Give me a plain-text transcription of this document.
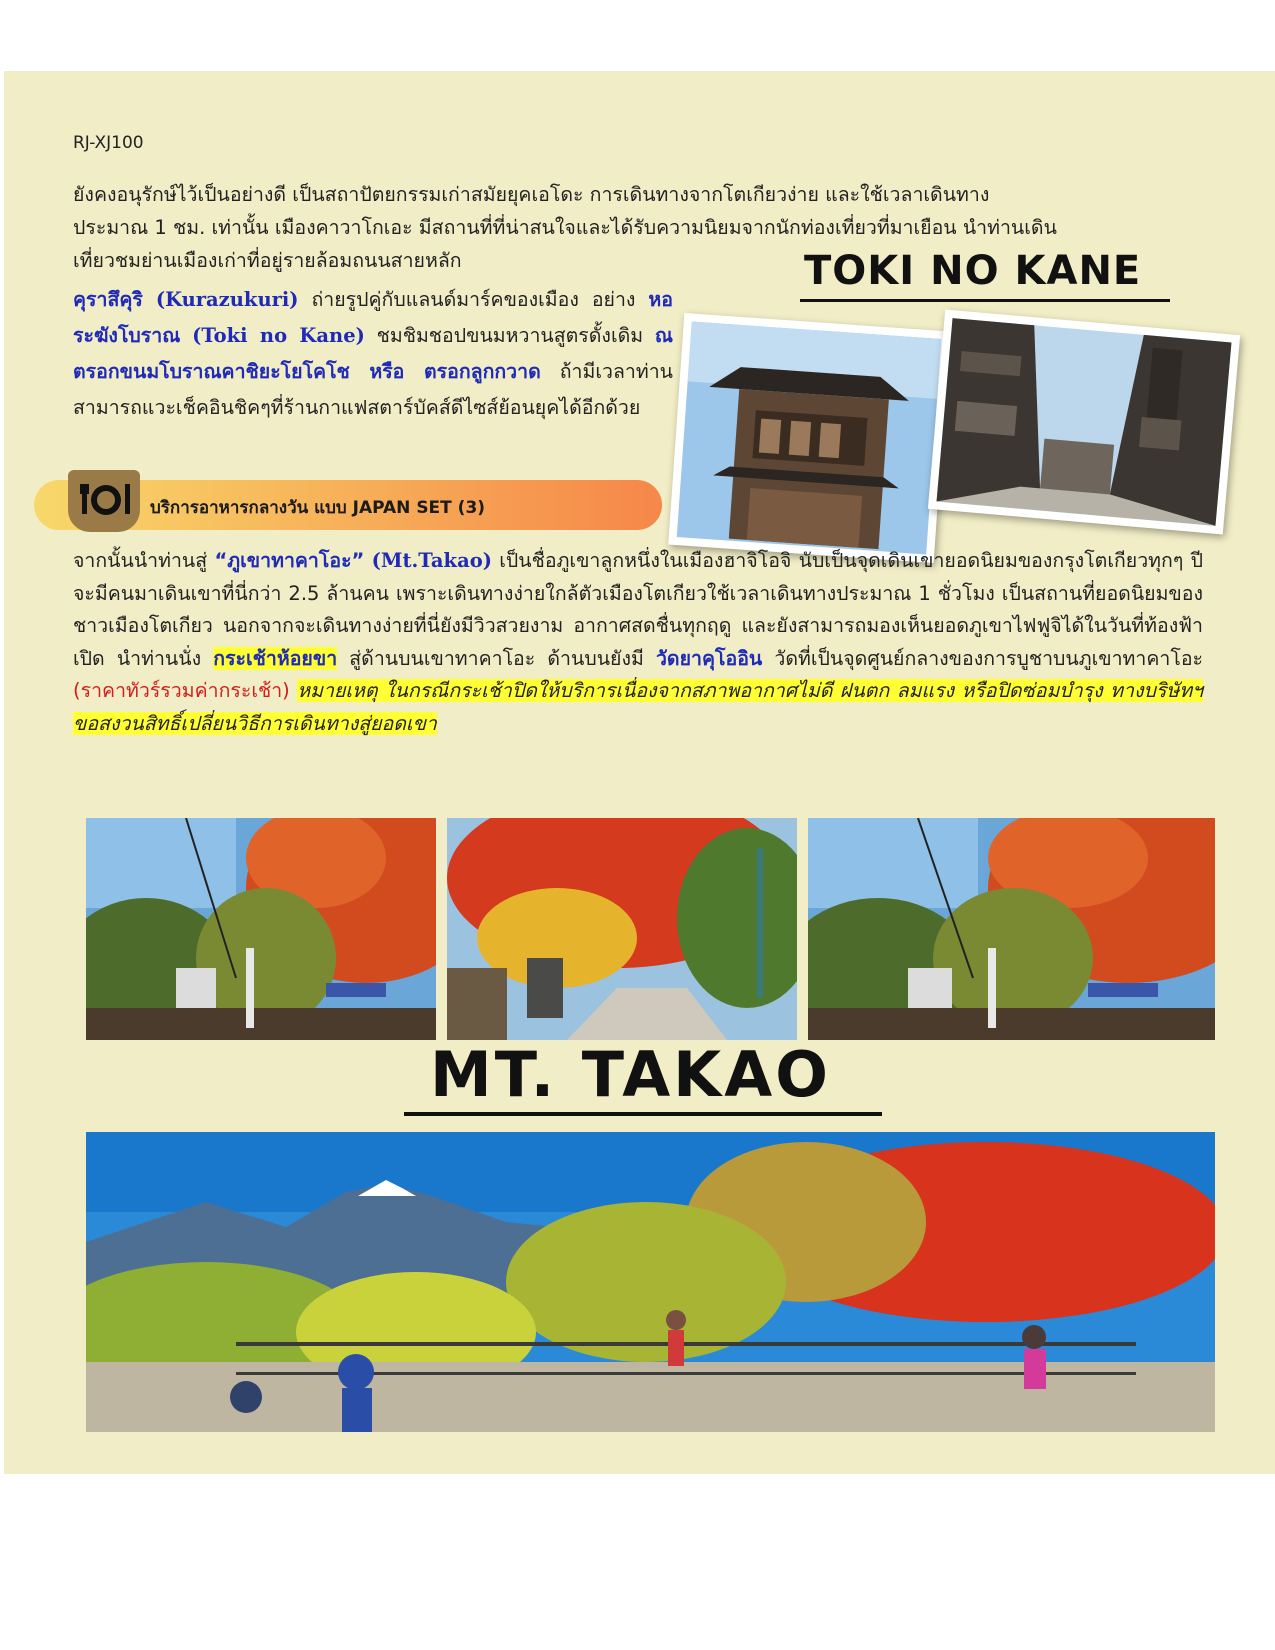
RJ-XJ100
ยังคงอนุรักษ์ไว้เป็นอย่างดี เป็นสถาปัตยกรรมเก่าสมัยยุคเอโดะ การเดินทางจากโตเกียวง่าย และใช้เวลาเดินทาง
ประมาณ 1 ชม. เท่านั้น เมืองคาวาโกเอะ มีสถานที่ที่น่าสนใจและได้รับความนิยมจากนักท่องเที่ยวที่มาเยือน นำท่านเดิน
เที่ยวชมย่านเมืองเก่าที่อยู่รายล้อมถนนสายหลัก
คุราสึคุริ (Kurazukuri) ถ่ายรูปคู่กับแลนด์มาร์คของเมือง อย่าง หอระฆังโบราณ (Toki no Kane) ชมชิมชอปขนมหวานสูตรดั้งเดิม ณ ตรอกขนมโบราณคาชิยะโยโคโช หรือ ตรอกลูกกวาด ถ้ามีเวลาท่านสามารถแวะเช็คอินชิคๆที่ร้านกาแฟสตาร์บัคส์ดีไซส์ย้อนยุคได้อีกด้วย
TOKI NO KANE
บริการอาหารกลางวัน แบบ JAPAN SET (3)
จากนั้นนำท่านสู่ “ภูเขาทาคาโอะ” (Mt.Takao) เป็นชื่อภูเขาลูกหนึ่งในเมืองฮาจิโอจิ นับเป็นจุดเดินเขายอดนิยมของกรุงโตเกียวทุกๆ ปีจะมีคนมาเดินเขาที่นี่กว่า 2.5 ล้านคน เพราะเดินทางง่ายใกล้ตัวเมืองโตเกียวใช้เวลาเดินทางประมาณ 1 ชั่วโมง เป็นสถานที่ยอดนิยมของชาวเมืองโตเกียว นอกจากจะเดินทางง่ายที่นี่ยังมีวิวสวยงาม อากาศสดชื่นทุกฤดู และยังสามารถมองเห็นยอดภูเขาไฟฟูจิได้ในวันที่ท้องฟ้าเปิด นำท่านนั่ง กระเช้าห้อยขา สู่ด้านบนเขาทาคาโอะ ด้านบนยังมี วัดยาคุโออิน วัดที่เป็นจุดศูนย์กลางของการบูชาบนภูเขาทาคาโอะ (ราคาทัวร์รวมค่ากระเช้า) หมายเหตุ ในกรณีกระเช้าปิดให้บริการเนื่องจากสภาพอากาศไม่ดี ฝนตก ลมแรง หรือปิดซ่อมบำรุง ทางบริษัทฯ ขอสงวนสิทธิ์เปลี่ยนวิธีการเดินทางสู่ยอดเขา
MT. TAKAO
